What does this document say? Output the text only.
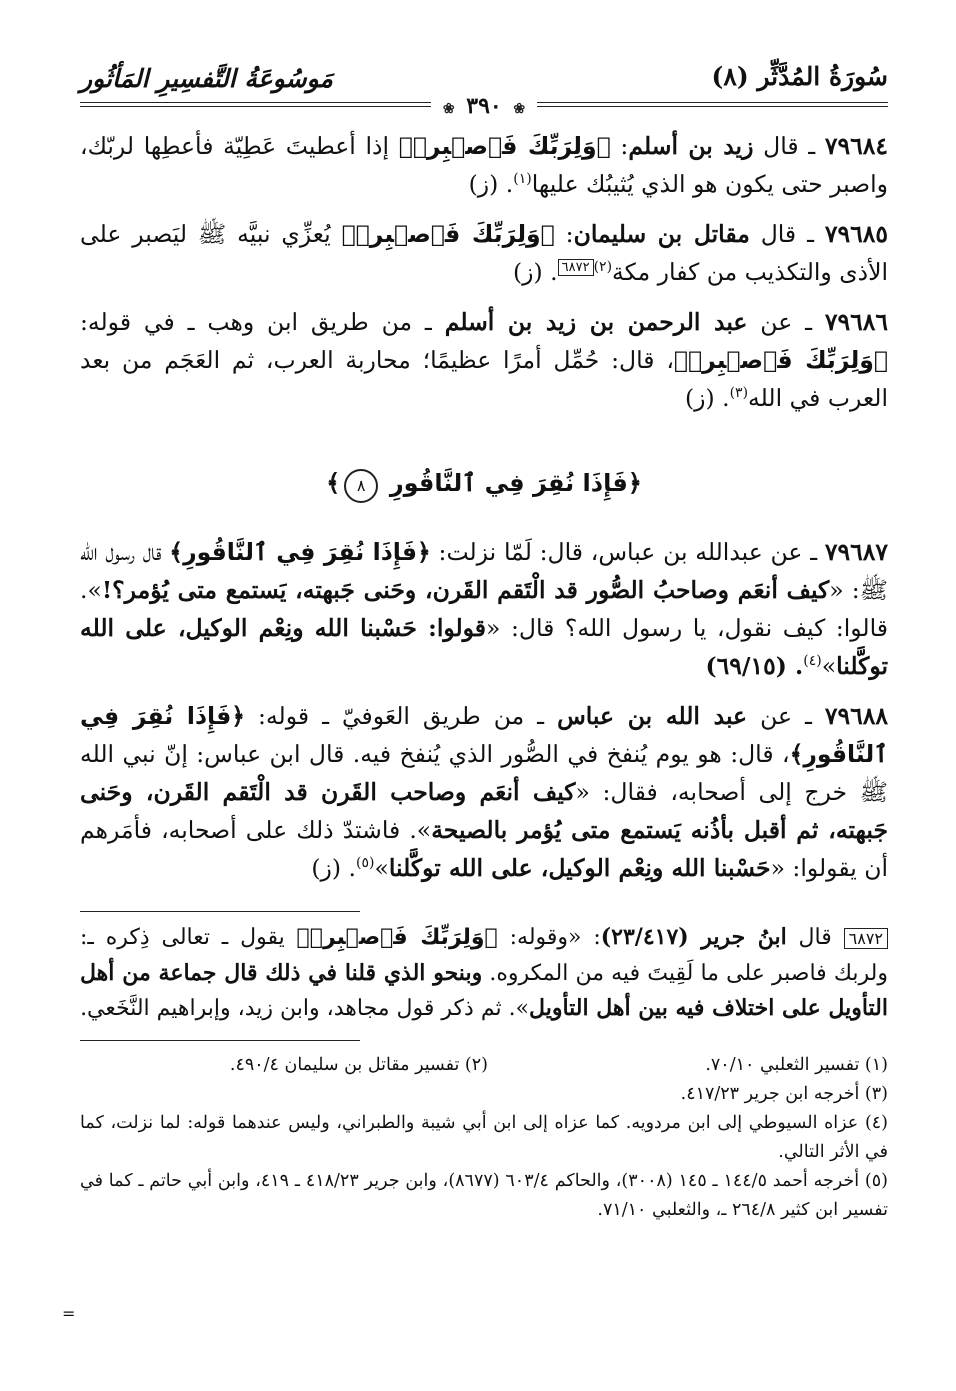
سُورَةُ المُدَّثِّر (٨)
مَوسُوعَةُ التَّفسِيرِ المَأثُور
❀ ٣٩٠ ❀

٧٩٦٨٤ ـ قال زيد بن أسلم: ﴿وَلِرَبِّكَ فَٱصۡبِرۡ﴾ إذا أعطيتَ عَطِيّة فأعطِها لربّك، واصبر حتى يكون هو الذي يُثيبُك عليها$^{(١)}$. (ز)

٧٩٦٨٥ ـ قال مقاتل بن سليمان: ﴿وَلِرَبِّكَ فَٱصۡبِرۡ﴾ يُعزِّي نبيَّه ﷺ ليَصبر على الأذى والتكذيب من كفار مكة$^{(٢)٦٨٧٢}$. (ز)

٧٩٦٨٦ ـ عن عبد الرحمن بن زيد بن أسلم ـ من طريق ابن وهب ـ في قوله: ﴿وَلِرَبِّكَ فَٱصۡبِرۡ﴾، قال: حُمِّل أمرًا عظيمًا؛ محاربة العرب، ثم العَجَم من بعد العرب في الله$^{(٣)}$. (ز)

﴿فَإِذَا نُقِرَ فِي ٱلنَّاقُورِ ٨﴾

٧٩٦٨٧ ـ عن عبدالله بن عباس، قال: لَمّا نزلت: ﴿فَإِذَا نُقِرَ فِي ٱلنَّاقُورِ﴾ قال رسول الله ﷺ: «كيف أنعَم وصاحبُ الصُّور قد الْتَقم القَرن، وحَنى جَبهته، يَستمع متى يُؤمر؟!». قالوا: كيف نقول، يا رسول الله؟ قال: «قولوا: حَسْبنا الله ونِعْم الوكيل، على الله توكَّلنا»$^{(٤)}$. (٦٩/١٥)

٧٩٦٨٨ ـ عن عبد الله بن عباس ـ من طريق العَوفيّ ـ قوله: ﴿فَإِذَا نُقِرَ فِي ٱلنَّاقُورِ﴾، قال: هو يوم يُنفخ في الصُّور الذي يُنفخ فيه. قال ابن عباس: إنّ نبي الله ﷺ خرج إلى أصحابه، فقال: «كيف أنعَم وصاحب القَرن قد الْتَقم القَرن، وحَنى جَبهته، ثم أقبل بأذُنه يَستمع متى يُؤمر بالصيحة». فاشتدّ ذلك على أصحابه، فأمَرهم أن يقولوا: «حَسْبنا الله ونِعْم الوكيل، على الله توكَّلنا»$^{(٥)}$. (ز)

٦٨٧٢ قال ابنُ جرير (٢٣/٤١٧): «وقوله: ﴿وَلِرَبِّكَ فَٱصۡبِرۡ﴾ يقول ـ تعالى ذِكره ـ: ولربك فاصبر على ما لَقِيتَ فيه من المكروه. وبنحو الذي قلنا في ذلك قال جماعة من أهل التأويل على اختلاف فيه بين أهل التأويل». ثم ذكر قول مجاهد، وابن زيد، وإبراهيم النَّخَعي.
(١) تفسير الثعلبي ٧٠/١٠.
(٢) تفسير مقاتل بن سليمان ٤٩٠/٤.
(٣) أخرجه ابن جرير ٤١٧/٢٣.
(٤) عزاه السيوطي إلى ابن مردويه. كما عزاه إلى ابن أبي شيبة والطبراني، وليس عندهما قوله: لما نزلت، كما في الأثر التالي.
(٥) أخرجه أحمد ١٤٤/٥ ـ ١٤٥ (٣٠٠٨)، والحاكم ٦٠٣/٤ (٨٦٧٧)، وابن جرير ٤١٨/٢٣ ـ ٤١٩، وابن أبي حاتم ـ كما في تفسير ابن كثير ٢٦٤/٨ ـ، والثعلبي ٧١/١٠.
=
